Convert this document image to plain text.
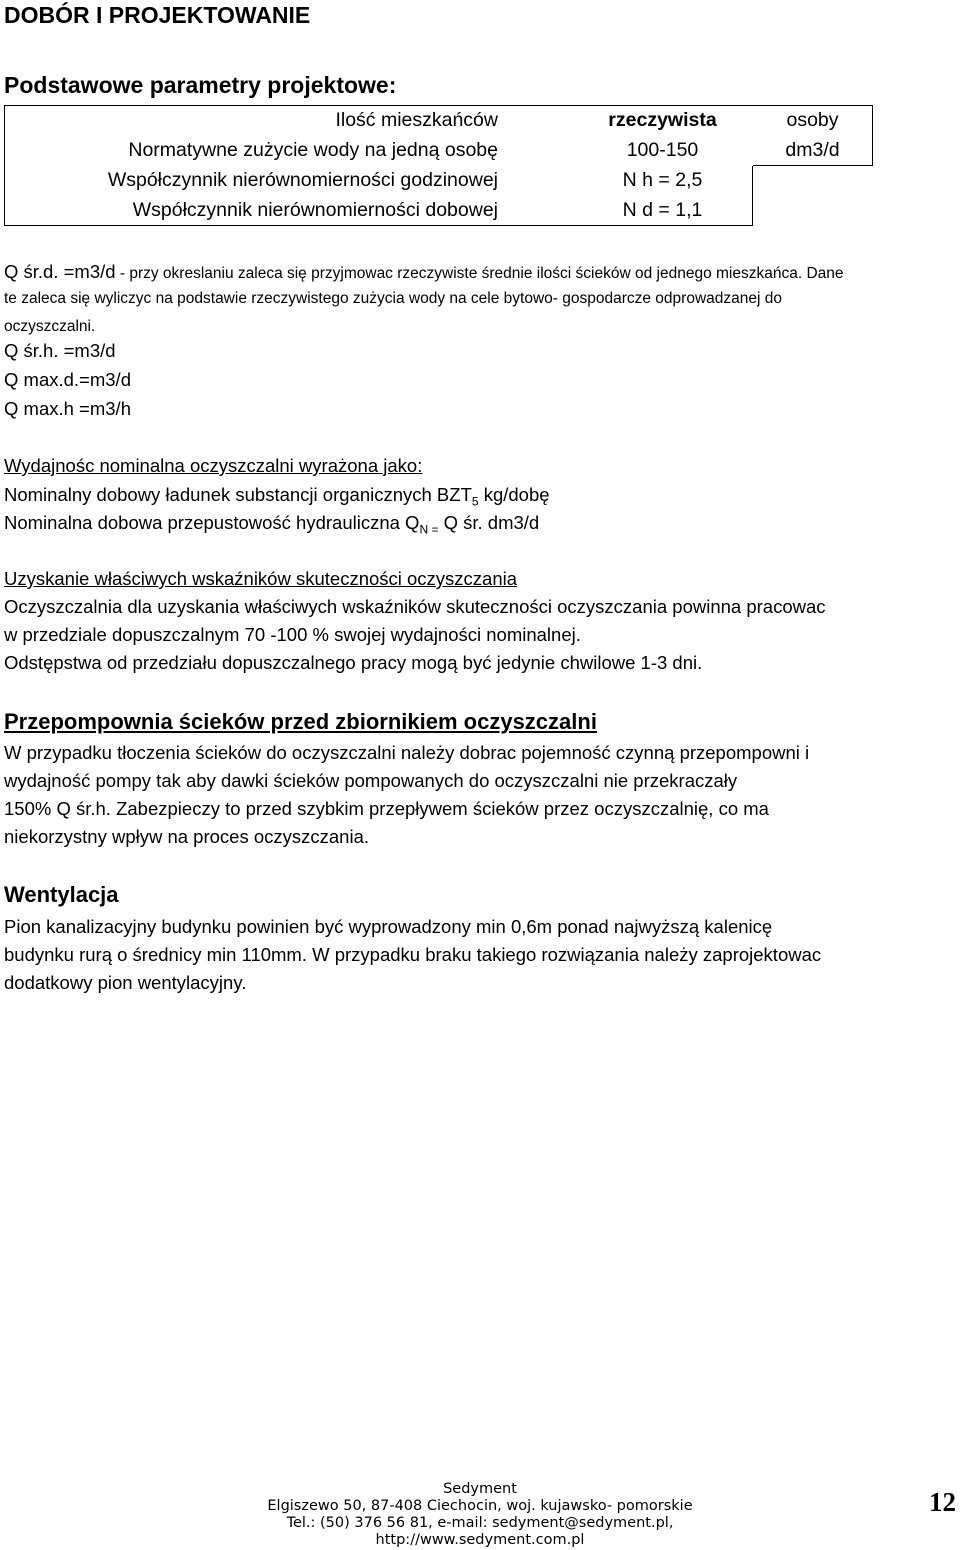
DOBÓR I PROJEKTOWANIE
Podstawowe parametry projektowe:
Ilość mieszkańców	rzeczywista	osoby
Normatywne zużycie wody na jedną osobę	100-150	dm3/d
Współczynnik nierównomierności godzinowej	N h = 2,5	
Współczynnik nierównomierności dobowej	N d = 1,1	
Q śr.d. =m3/d - przy okreslaniu zaleca się przyjmowac rzeczywiste średnie ilości ścieków od jednego mieszkańca. Dane
te zaleca się wyliczyc na podstawie rzeczywistego zużycia wody na cele bytowo- gospodarcze odprowadzanej do
oczyszczalni.
Q śr.h. =m3/d
Q max.d.=m3/d
Q max.h =m3/h
Wydajnośc nominalna oczyszczalni wyrażona jako:
Nominalny dobowy ładunek substancji organicznych $BZT_5$ kg/dobę
Nominalna dobowa przepustowość hydrauliczna $Q_{N =}$ Q śr. dm3/d
Uzyskanie właściwych wskaźników skuteczności oczyszczania
Oczyszczalnia dla uzyskania właściwych wskaźników skuteczności oczyszczania powinna pracowac
w przedziale dopuszczalnym 70 -100 % swojej wydajności nominalnej.
Odstępstwa od przedziału dopuszczalnego pracy mogą być jedynie chwilowe 1-3 dni.
Przepompownia ścieków przed zbiornikiem oczyszczalni
W przypadku tłoczenia ścieków do oczyszczalni należy dobrac pojemność czynną przepompowni i
wydajność pompy tak aby dawki ścieków pompowanych do oczyszczalni nie przekraczały
150% Q śr.h. Zabezpieczy to przed szybkim przepływem ścieków przez oczyszczalnię, co ma
niekorzystny wpływ na proces oczyszczania.
Wentylacja
Pion kanalizacyjny budynku powinien być wyprowadzony min 0,6m ponad najwyższą kalenicę
budynku rurą o średnicy min 110mm. W przypadku braku takiego rozwiązania należy zaprojektowac
dodatkowy pion wentylacyjny.
Sedyment
Elgiszewo 50, 87-408 Ciechocin, woj. kujawsko- pomorskie
Tel.: (50) 376 56 81, e-mail: sedyment@sedyment.pl,
http://www.sedyment.com.pl
12
